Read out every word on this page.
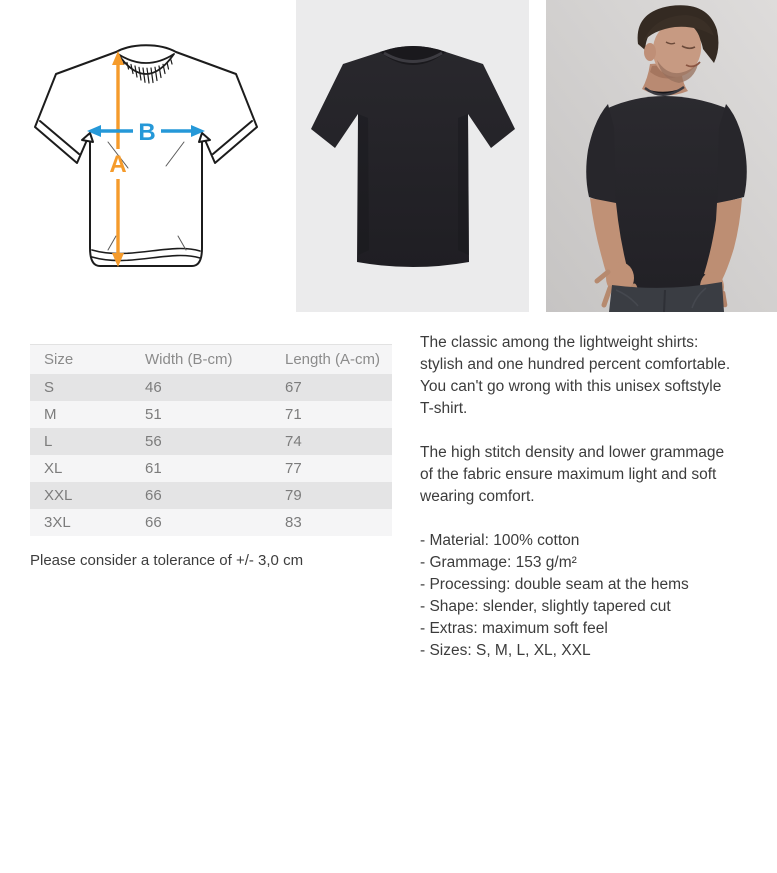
A
B
Size	Width (B-cm)	Length (A-cm)
S	46	67
M	51	71
L	56	74
XL	61	77
XXL	66	79
3XL	66	83
Please consider a tolerance of +/- 3,0 cm

The classic among the lightweight shirts:
stylish and one hundred percent comfortable.
You can't go wrong with this unisex softstyle
T-shirt.

The high stitch density and lower grammage
of the fabric ensure maximum light and soft
wearing comfort.

- Material: 100% cotton
- Grammage: 153 g/m²
- Processing: double seam at the hems
- Shape: slender, slightly tapered cut
- Extras: maximum soft feel
- Sizes: S, M, L, XL, XXL
